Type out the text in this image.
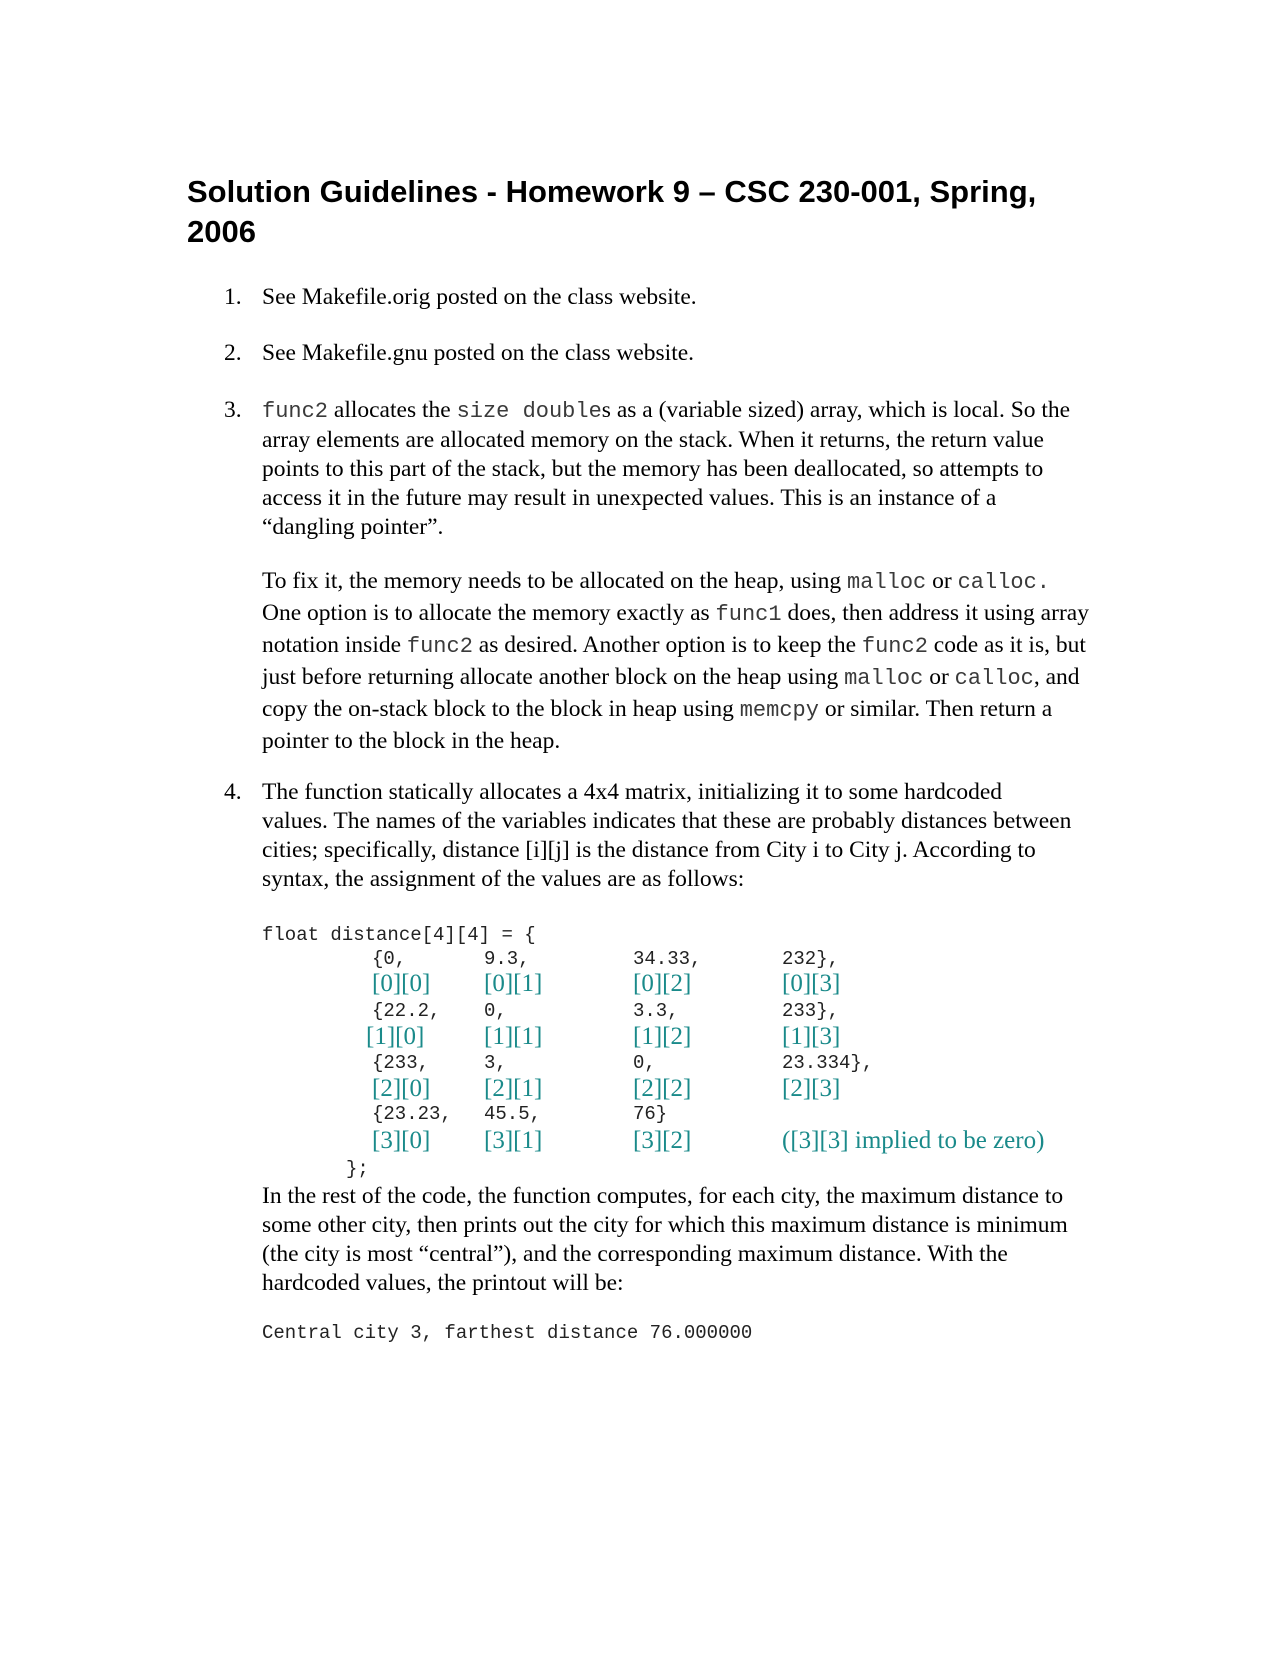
Solution Guidelines - Homework 9 – CSC 230-001, Spring, 2006
1. See Makefile.orig posted on the class website.
2. See Makefile.gnu posted on the class website.
3. func2 allocates the size doubles as a (variable sized) array, which is local. So the array elements are allocated memory on the stack. When it returns, the return value points to this part of the stack, but the memory has been deallocated, so attempts to access it in the future may result in unexpected values. This is an instance of a “dangling pointer”.
To fix it, the memory needs to be allocated on the heap, using malloc or calloc. One option is to allocate the memory exactly as func1 does, then address it using array notation inside func2 as desired. Another option is to keep the func2 code as it is, but just before returning allocate another block on the heap using malloc or calloc, and copy the on-stack block to the block in heap using memcpy or similar. Then return a pointer to the block in the heap.
4. The function statically allocates a 4x4 matrix, initializing it to some hardcoded values. The names of the variables indicates that these are probably distances between cities; specifically, distance [i][j] is the distance from City i to City j. According to syntax, the assignment of the values are as follows:
float distance[4][4] = {
{0,	9.3,	34.33,	232},
[0][0] [0][1]	[0][2]	[0][3]
{22.2, 0,	3.3,	233},
[1][0] [1][1]	[1][2]	[1][3]
{233,	3,	0,	23.334},
[2][0] [2][1]	[2][2]	[2][3]
{23.23, 45.5,	76}
[3][0] [3][1]	[3][2]	([3][3] implied to be zero)
};
In the rest of the code, the function computes, for each city, the maximum distance to some other city, then prints out the city for which this maximum distance is minimum (the city is most “central”), and the corresponding maximum distance. With the hardcoded values, the printout will be:
Central city 3, farthest distance 76.000000
